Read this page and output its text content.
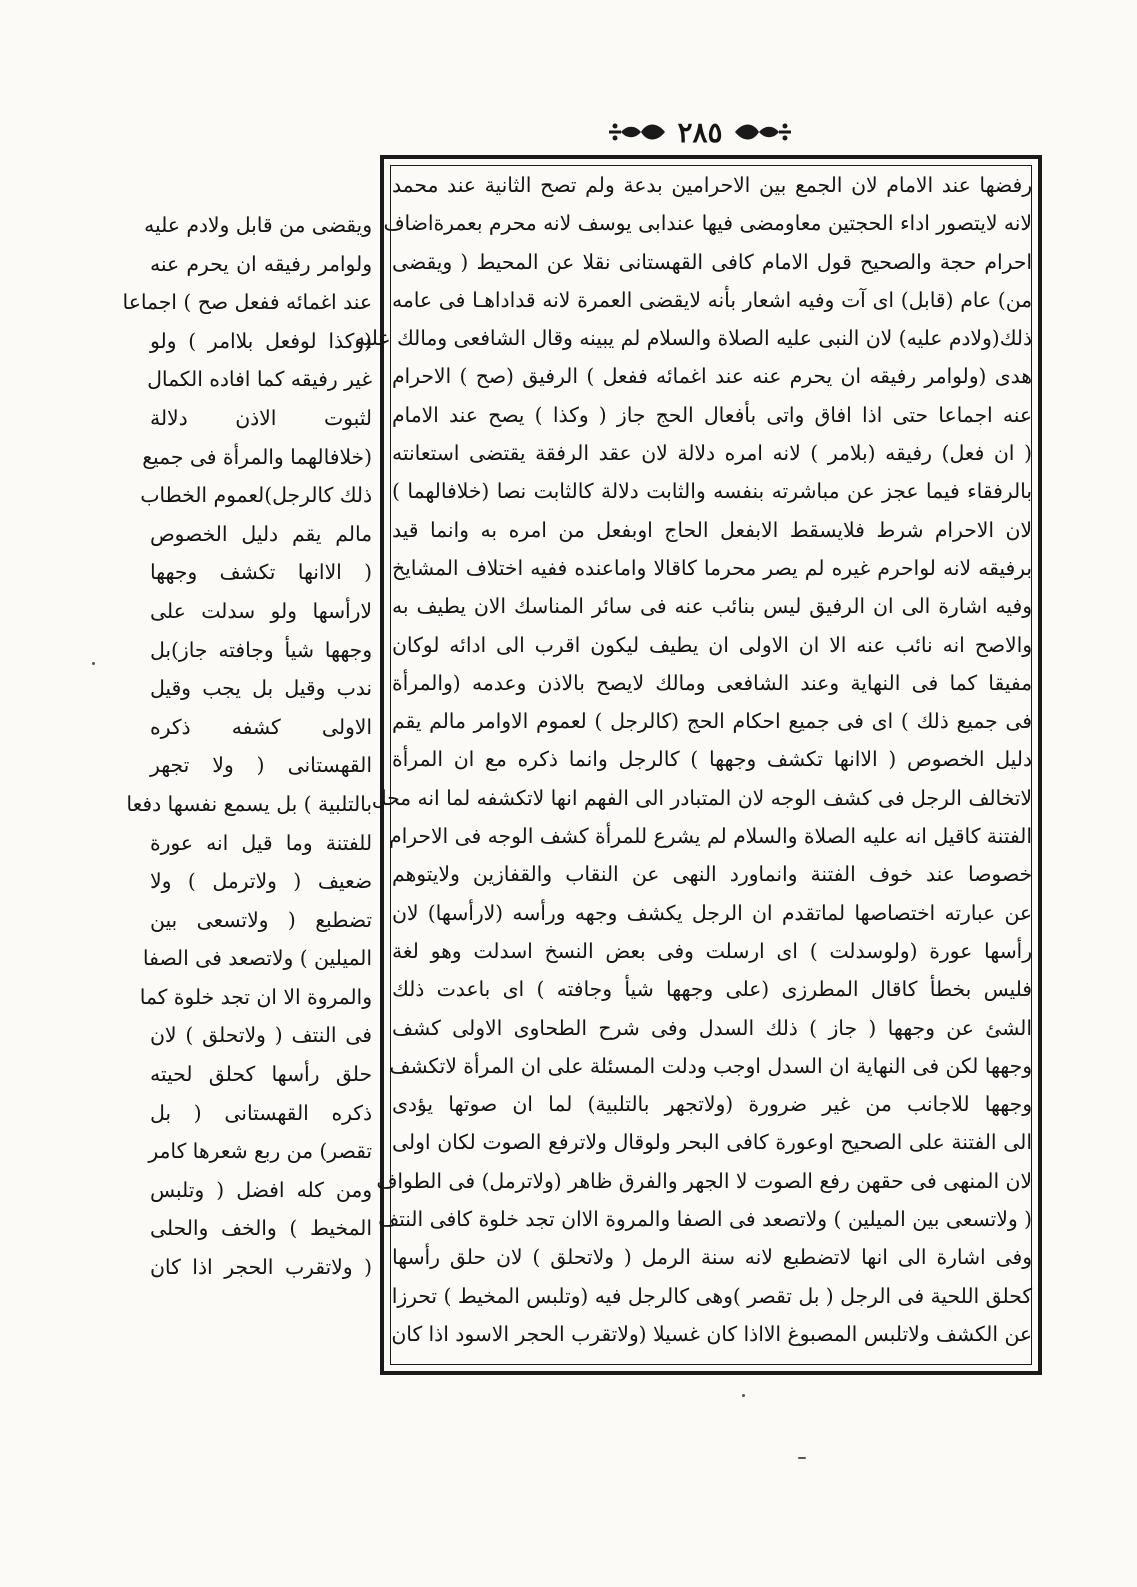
٢٨٥
رفضها عند الامام لان الجمع بين الاحرامين بدعة ولم تصح الثانية عند محمد
لانه لايتصور اداء الحجتين معاومضى فيها عندابى يوسف لانه محرم بعمرةاضاف
احرام حجة والصحيح قول الامام كافى القهستانى نقلا عن المحيط ( ويقضى
من) عام (قابل) اى آت وفيه اشعار بأنه لايقضى العمرة لانه قداداهـا فى عامه
ذلك(ولادم عليه) لان النبى عليه الصلاة والسلام لم يبينه وقال الشافعى ومالك عليه
هدى (ولوامر رفيقه ان يحرم عنه عند اغمائه ففعل ) الرفيق (صح ) الاحرام
عنه اجماعا حتى اذا افاق واتى بأفعال الحج جاز ( وكذا ) يصح عند الامام
( ان فعل) رفيقه (بلامر ) لانه امره دلالة لان عقد الرفقة يقتضى استعانته
بالرفقاء فيما عجز عن مباشرته بنفسه والثابت دلالة كالثابت نصا (خلافالهما )
لان الاحرام شرط فلايسقط الابفعل الحاج اوبفعل من امره به وانما قيد
برفيقه لانه لواحرم غيره لم يصر محرما كاقالا واماعنده ففيه اختلاف المشايخ
وفيه اشارة الى ان الرفيق ليس بنائب عنه فى سائر المناسك الان يطيف به
والاصح انه نائب عنه الا ان الاولى ان يطيف ليكون اقرب الى ادائه لوكان
مفيقا كما فى النهاية وعند الشافعى ومالك لايصح بالاذن وعدمه (والمرأة
فى جميع ذلك ) اى فى جميع احكام الحج (كالرجل ) لعموم الاوامر مالم يقم
دليل الخصوص ( الاانها تكشف وجهها ) كالرجل وانما ذكره مع ان المرأة
لاتخالف الرجل فى كشف الوجه لان المتبادر الى الفهم انها لاتكشفه لما انه محل
الفتنة كاقيل انه عليه الصلاة والسلام لم يشرع للمرأة كشف الوجه فى الاحرام
خصوصا عند خوف الفتنة وانماورد النهى عن النقاب والقفازين ولايتوهم
عن عبارته اختصاصها لماتقدم ان الرجل يكشف وجهه ورأسه (لارأسها) لان
رأسها عورة (ولوسدلت ) اى ارسلت وفى بعض النسخ اسدلت وهو لغة
فليس بخطأ كاقال المطرزى (على وجهها شيأ وجافته ) اى باعدت ذلك
الشئ عن وجهها ( جاز ) ذلك السدل وفى شرح الطحاوى الاولى كشف
وجهها لكن فى النهاية ان السدل اوجب ودلت المسئلة على ان المرأة لاتكشف
وجهها للاجانب من غير ضرورة (ولاتجهر بالتلبية) لما ان صوتها يؤدى
الى الفتنة على الصحيح اوعورة كافى البحر ولوقال ولاترفع الصوت لكان اولى
لان المنهى فى حقهن رفع الصوت لا الجهر والفرق ظاهر (ولاترمل) فى الطواف
( ولاتسعى بين الميلين ) ولاتصعد فى الصفا والمروة الاان تجد خلوة كافى النتف
وفى اشارة الى انها لاتضطبع لانه سنة الرمل ( ولاتحلق ) لان حلق رأسها
كحلق اللحية فى الرجل ( بل تقصر )وهى كالرجل فيه (وتلبس المخيط ) تحرزا
عن الكشف ولاتلبس المصبوغ الااذا كان غسيلا (ولاتقرب الحجر الاسود اذا كان
ويقضى من قابل ولادم عليه
ولوامر رفيقه ان يحرم عنه
عند اغمائه ففعل صح ) اجماعا
(وكذا لوفعل بلاامر ) ولو
غير رفيقه كما افاده الكمال
لثبوت الاذن دلالة
(خلافالهما والمرأة فى جميع
ذلك كالرجل)لعموم الخطاب
مالم يقم دليل الخصوص
( الاانها تكشف وجهها
لارأسها ولو سدلت على
وجهها شيأ وجافته جاز)بل
ندب وقيل بل يجب وقيل
الاولى كشفه ذكره
القهستانى ( ولا تجهر
بالتلبية ) بل يسمع نفسها دفعا
للفتنة وما قيل انه عورة
ضعيف ( ولاترمل ) ولا
تضطبع ( ولاتسعى بين
الميلين ) ولاتصعد فى الصفا
والمروة الا ان تجد خلوة كما
فى النتف ( ولاتحلق ) لان
حلق رأسها كحلق لحيته
ذكره القهستانى ( بل
تقصر) من ربع شعرها كامر
ومن كله افضل ( وتلبس
المخيط ) والخف والحلى
( ولاتقرب الحجر اذا كان
